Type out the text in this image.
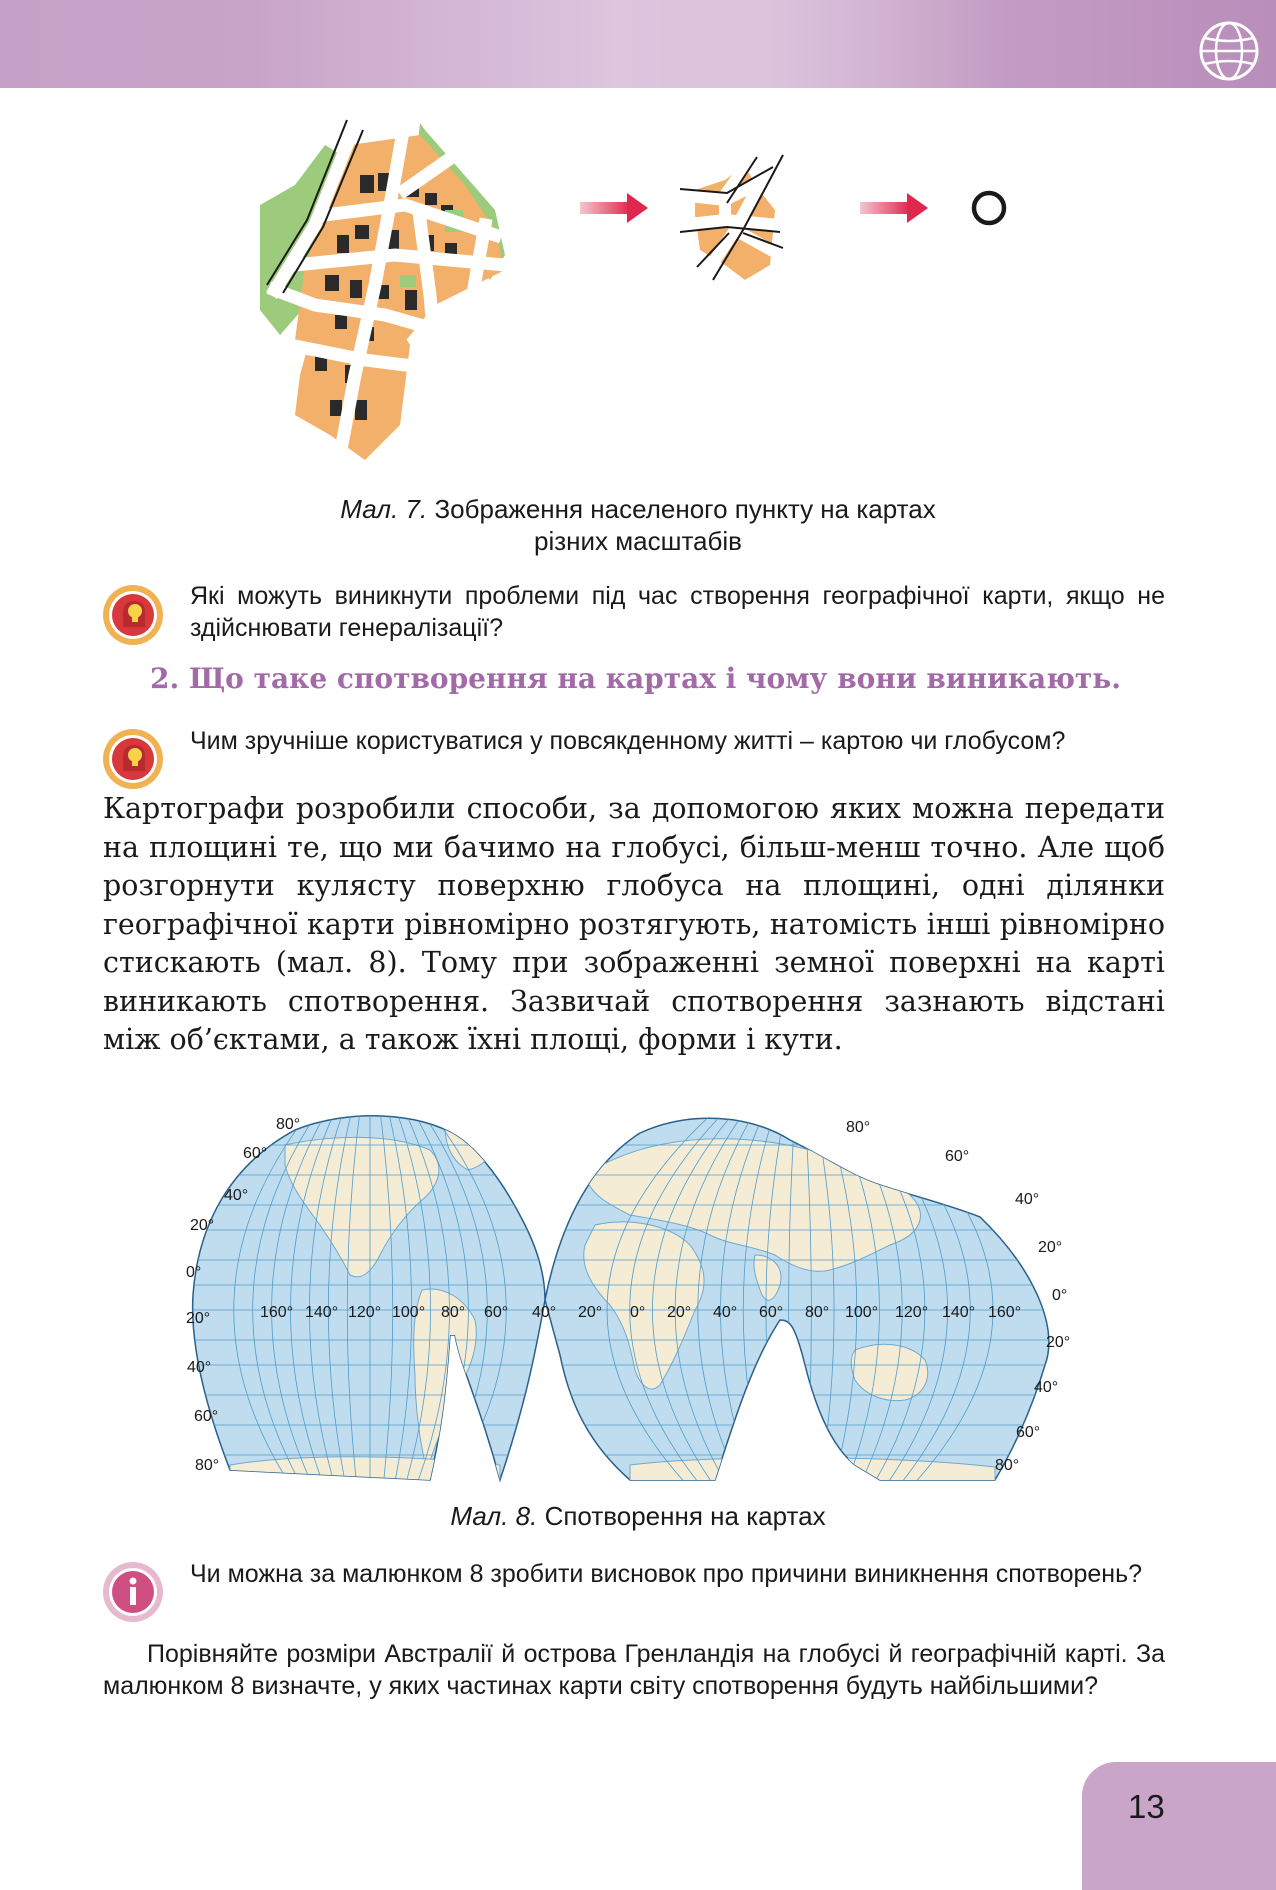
Мал. 7. Зображення населеного пункту на картах
різних масштабів
Які можуть виникнути проблеми під час створення географічної карти, якщо не здійснювати генералізації?
2. Що таке спотворення на картах і чому вони виникають.
Чим зручніше користуватися у повсякденному житті – картою чи глобусом?
Картографи розробили способи, за допомогою яких можна передати на площині те, що ми бачимо на глобусі, більш-менш точно. Але щоб розгорнути кулясту поверхню глобуса на площині, одні ділянки географічної карти рівномірно розтягують, натомість інші рівномірно стискають (мал. 8). Тому при зображенні земної поверхні на карті виникають спотворення. Зазвичай спотворення зазнають відстані між об’єктами, а також їхні площі, форми і кути.
80°
60°
40°
20°
0°
20°
40°
60°
80°
80°
60°
40°
20°
0°
20°
40°
60°
80°
160° 140° 120° 100° 80° 60° 40° 20° 0° 20° 40° 60° 80° 100° 120° 140° 160°
Мал. 8. Спотворення на картах
Чи можна за малюнком 8 зробити висновок про причини виникнення спотворень?
Порівняйте розміри Австралії й острова Гренландія на глобусі й географічній карті. За малюнком 8 визначте, у яких частинах карти світу спотворення будуть найбільшими?
13
